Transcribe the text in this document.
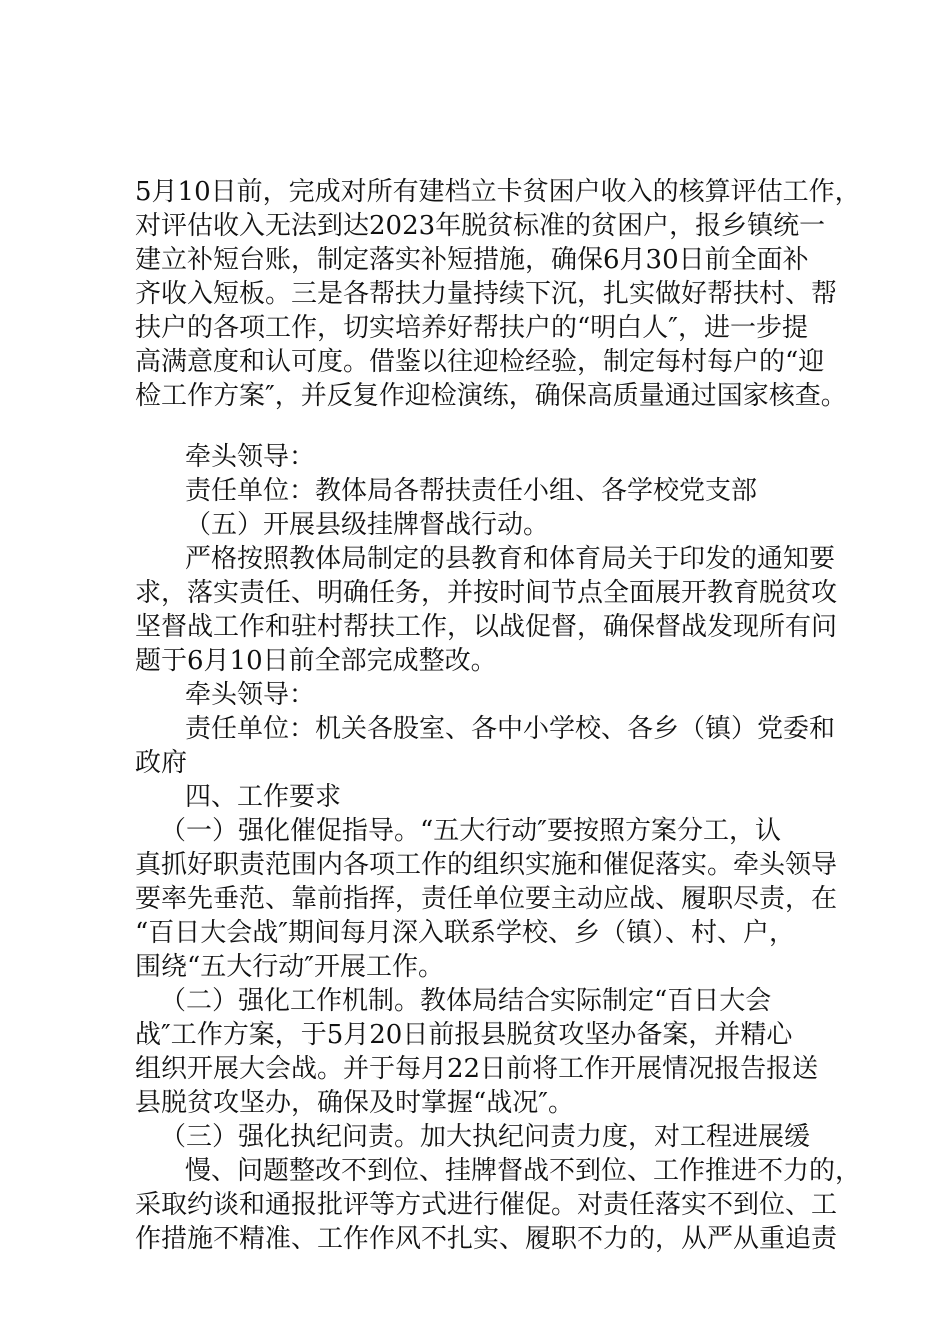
5月10日前，完成对所有建档立卡贫困户收入的核算评估工作，
对评估收入无法到达2023年脱贫标准的贫困户，报乡镇统一
建立补短台账，制定落实补短措施，确保6月30日前全面补
齐收入短板。三是各帮扶力量持续下沉，扎实做好帮扶村、帮
扶户的各项工作，切实培养好帮扶户的“明白人″，进一步提
高满意度和认可度。借鉴以往迎检经验，制定每村每户的“迎
检工作方案″，并反复作迎检演练，确保高质量通过国家核查。
牵头领导：
责任单位：教体局各帮扶责任小组、各学校党支部
（五）开展县级挂牌督战行动。
严格按照教体局制定的县教育和体育局关于印发的通知要
求，落实责任、明确任务，并按时间节点全面展开教育脱贫攻
坚督战工作和驻村帮扶工作，以战促督，确保督战发现所有问
题于6月10日前全部完成整改。
牵头领导：
责任单位：机关各股室、各中小学校、各乡（镇）党委和
政府
四、工作要求
（一）强化催促指导。“五大行动″要按照方案分工，认
真抓好职责范围内各项工作的组织实施和催促落实。牵头领导
要率先垂范、靠前指挥，责任单位要主动应战、履职尽责，在
“百日大会战″期间每月深入联系学校、乡（镇）、村、户，
围绕“五大行动″开展工作。
（二）强化工作机制。教体局结合实际制定“百日大会
战″工作方案，于5月20日前报县脱贫攻坚办备案，并精心
组织开展大会战。并于每月22日前将工作开展情况报告报送
县脱贫攻坚办，确保及时掌握“战况″。
（三）强化执纪问责。加大执纪问责力度，对工程进展缓
慢、问题整改不到位、挂牌督战不到位、工作推进不力的，
采取约谈和通报批评等方式进行催促。对责任落实不到位、工
作措施不精准、工作作风不扎实、履职不力的，从严从重追责
